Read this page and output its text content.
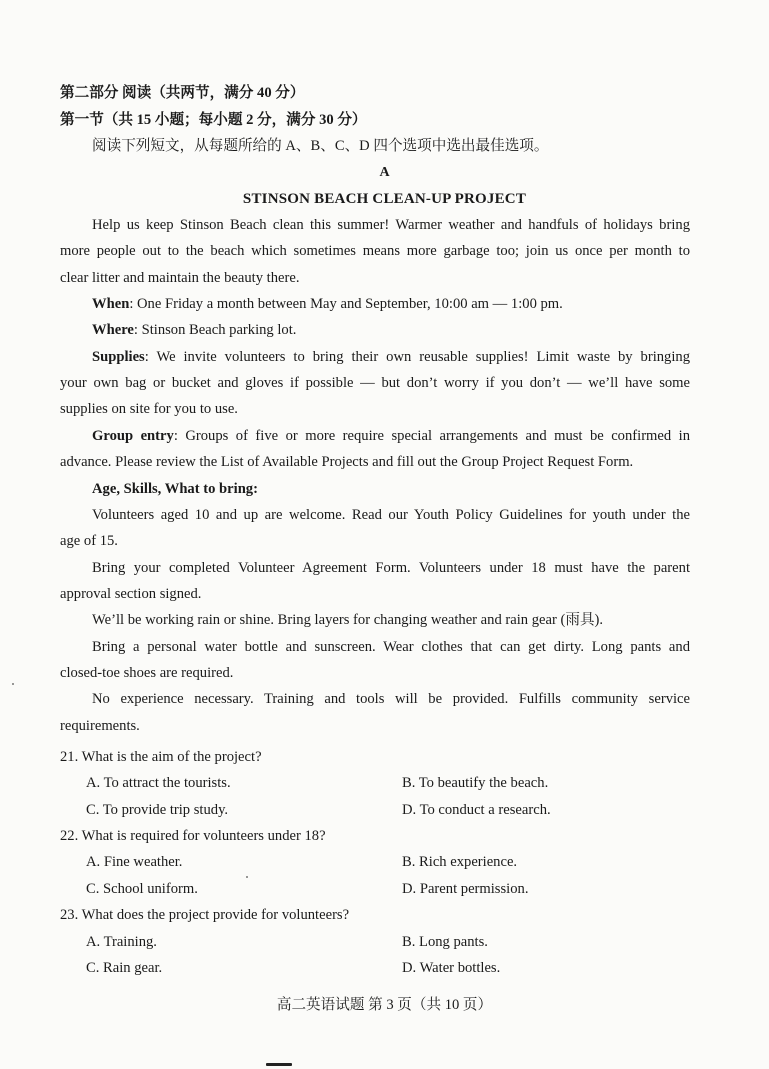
第二部分 阅读（共两节，满分 40 分）

第一节（共 15 小题；每小题 2 分，满分 30 分）

阅读下列短文，从每题所给的 A、B、C、D 四个选项中选出最佳选项。

A

STINSON BEACH CLEAN-UP PROJECT

Help us keep Stinson Beach clean this summer! Warmer weather and handfuls of holidays bring

more people out to the beach which sometimes means more garbage too; join us once per month to

clear litter and maintain the beauty there.

When: One Friday a month between May and September, 10:00 am — 1:00 pm.

Where: Stinson Beach parking lot.

Supplies: We invite volunteers to bring their own reusable supplies! Limit waste by bringing

your own bag or bucket and gloves if possible — but don’t worry if you don’t — we’ll have some

supplies on site for you to use.

Group entry: Groups of five or more require special arrangements and must be confirmed in

advance. Please review the List of Available Projects and fill out the Group Project Request Form.

Age, Skills, What to bring:

Volunteers aged 10 and up are welcome. Read our Youth Policy Guidelines for youth under the

age of 15.

Bring your completed Volunteer Agreement Form. Volunteers under 18 must have the parent

approval section signed.

We’ll be working rain or shine. Bring layers for changing weather and rain gear (雨具).

Bring a personal water bottle and sunscreen. Wear clothes that can get dirty. Long pants and

closed-toe shoes are required.

No experience necessary. Training and tools will be provided. Fulfills community service

requirements.

21. What is the aim of the project?

A. To attract the tourists.	B. To beautify the beach.

C. To provide trip study.	D. To conduct a research.

22. What is required for volunteers under 18?

A. Fine weather.	B. Rich experience.

C. School uniform.	D. Parent permission.

23. What does the project provide for volunteers?

A. Training.	B. Long pants.

C. Rain gear.	D. Water bottles.

高二英语试题 第 3 页（共 10 页）
